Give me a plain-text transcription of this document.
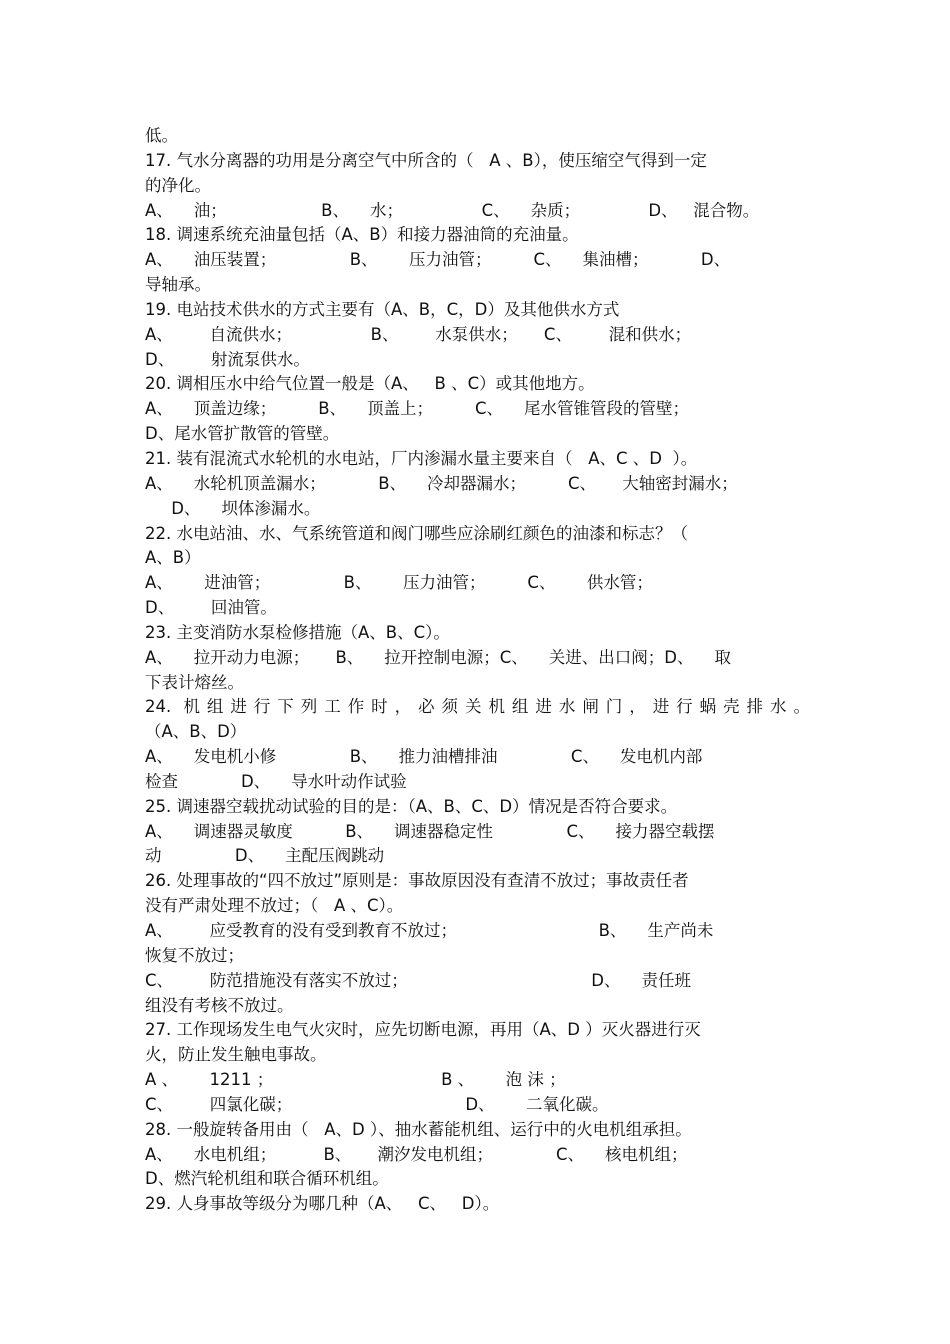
低。
17. 气水分离器的功用是分离空气中所含的（   A 、B），使压缩空气得到一定
的净化。
A、    油；                  B、    水；               C、    杂质；             D、   混合物。
18. 调速系统充油量包括（A、B）和接力器油筒的充油量。
A、    油压装置；              B、      压力油管；        C、    集油槽；          D、
导轴承。
19. 电站技术供水的方式主要有（A、B，C，D）及其他供水方式
A、       自流供水；               B、       水泵供水；     C、       混和供水；
D、       射流泵供水。
20. 调相压水中给气位置一般是（A、   B 、C）或其他地方。
A、    顶盖边缘；        B、    顶盖上；        C、    尾水管锥管段的管壁；
D、尾水管扩散管的管壁。
21. 装有混流式水轮机的水电站，厂内渗漏水量主要来自（   A、C 、D  ）。
A、    水轮机顶盖漏水；          B、    冷却器漏水；        C、     大轴密封漏水；
D、    坝体渗漏水。
22. 水电站油、水、气系统管道和阀门哪些应涂刷红颜色的油漆和标志？（
A、B）
A、      进油管；              B、      压力油管；        C、      供水管；
D、       回油管。
23. 主变消防水泵检修措施（A、B、C）。
A、    拉开动力电源；     B、    拉开控制电源；C、    关进、出口阀；D、    取
下表计熔丝。
24. 机组进行下列工作时，必须关机组进水闸门，进行蜗壳排水。
（A、B、D）
A、    发电机小修              B、    推力油槽排油              C、    发电机内部
检查            D、    导水叶动作试验
25. 调速器空载扰动试验的目的是：（A、B、C、D）情况是否符合要求。
A、    调速器灵敏度          B、    调速器稳定性              C、    接力器空载摆
动              D、    主配压阀跳动
26. 处理事故的“四不放过”原则是：事故原因没有查清不放过；事故责任者
没有严肃处理不放过；（   A 、C）。
A、       应受教育的没有受到教育不放过；                           B、    生产尚未
恢复不放过；
C、       防范措施没有落实不放过；                                   D、    责任班
组没有考核不放过。
27. 工作现场发生电气火灾时，应先切断电源，再用（A、D ）灭火器进行灭
火，防止发生触电事故。
A 、      1211 ；                                B 、      泡 沫 ；
C、       四氯化碳；                                 D、      二氧化碳。
28. 一般旋转备用由（   A、D ）、抽水蓄能机组、运行中的火电机组承担。
A、    水电机组；         B、     潮汐发电机组；            C、    核电机组；
D、燃汽轮机组和联合循环机组。
29. 人身事故等级分为哪几种（A、   C、   D）。
